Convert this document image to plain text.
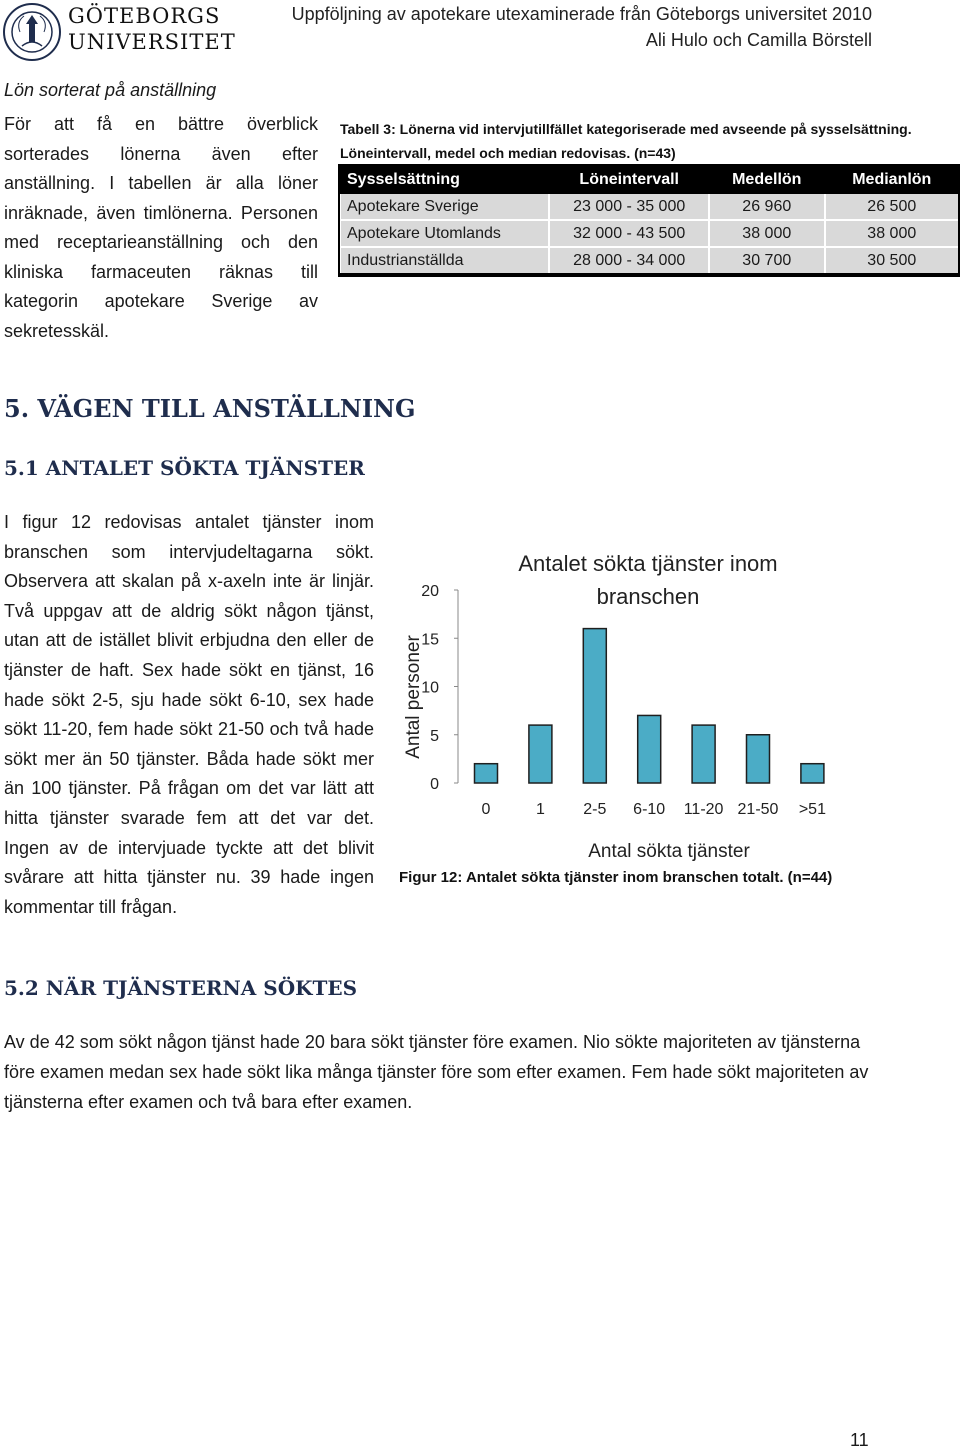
GÖTEBORGS
UNIVERSITET
Uppföljning av apotekare utexaminerade från Göteborgs universitet 2010
Ali Hulo och Camilla Börstell
Lön sorterat på anställning
För att få en bättre överblick sorterades lönerna även efter anställning. I tabellen är alla löner inräknade, även timlönerna. Personen med receptarieanställning och den kliniska farmaceuten räknas till kategorin apotekare Sverige av sekretesskäl.
Tabell 3: Lönerna vid intervjutillfället kategoriserade med avseende på sysselsättning. Löneintervall, medel och median redovisas. (n=43)
Sysselsättning	Löneintervall	Medellön	Medianlön
Apotekare Sverige	23 000 - 35 000	26 960	26 500
Apotekare Utomlands	32 000 - 43 500	38 000	38 000
Industrianställda	28 000 - 34 000	30 700	30 500
5. VÄGEN TILL ANSTÄLLNING
5.1 ANTALET SÖKTA TJÄNSTER
I figur 12 redovisas antalet tjänster inom branschen som intervjudeltagarna sökt. Observera att skalan på x-axeln inte är linjär. Två uppgav att de aldrig sökt någon tjänst, utan att de istället blivit erbjudna den eller de tjänster de haft. Sex hade sökt en tjänst, 16 hade sökt 2-5, sju hade sökt 6-10, sex hade sökt 11-20, fem hade sökt 21-50 och två hade sökt mer än 50 tjänster. Båda hade sökt mer än 100 tjänster. På frågan om det var lätt att hitta tjänster svarade fem att det var det. Ingen av de intervjuade tyckte att det blivit svårare att hitta tjänster nu. 39 hade ingen kommentar till frågan.
Antalet sökta tjänster inom
branschen
Antal personer
Antal sökta tjänster
0
5
10
15
20
0	1 2-5 6-10 11-20 21-50 >51
Figur 12: Antalet sökta tjänster inom branschen totalt. (n=44)
5.2 NÄR TJÄNSTERNA SÖKTES
Av de 42 som sökt någon tjänst hade 20 bara sökt tjänster före examen. Nio sökte majoriteten av tjänsterna före examen medan sex hade sökt lika många tjänster före som efter examen. Fem hade sökt majoriteten av tjänsterna efter examen och två bara efter examen.
11
